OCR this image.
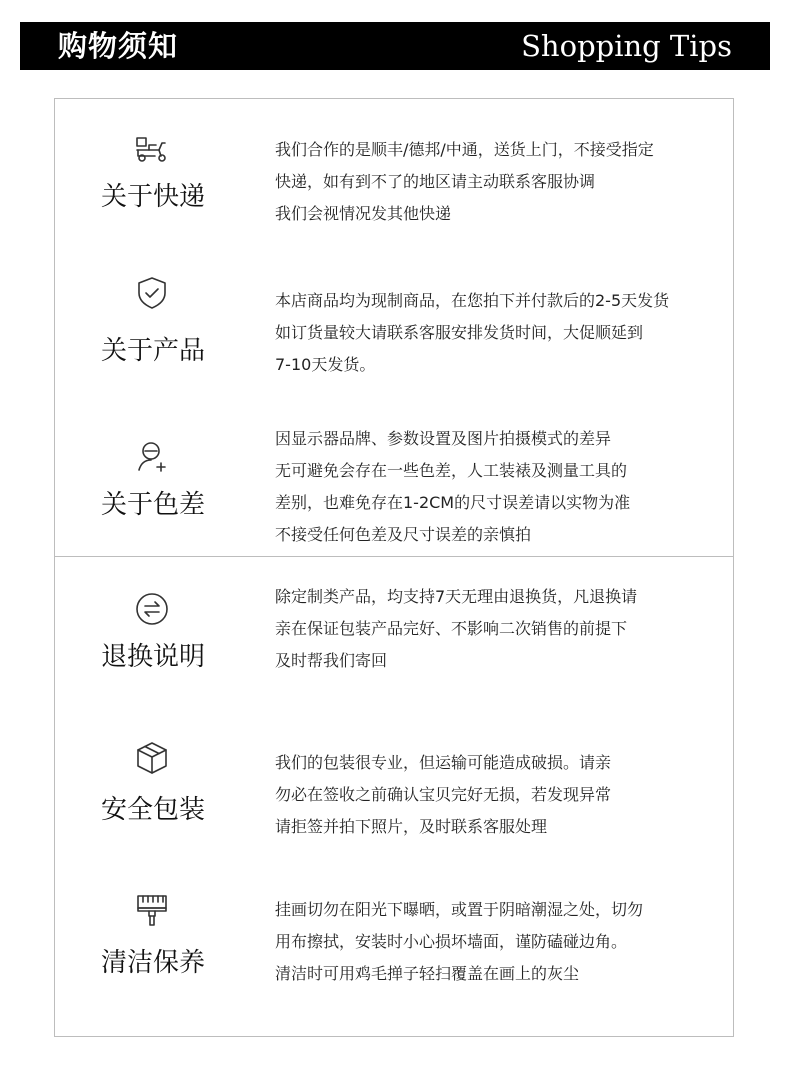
购物须知	Shopping Tips
关于快递
我们合作的是顺丰/德邦/中通，送货上门，不接受指定
快递，如有到不了的地区请主动联系客服协调
我们会视情况发其他快递
关于产品
本店商品均为现制商品，在您拍下并付款后的2-5天发货
如订货量较大请联系客服安排发货时间，大促顺延到
7-10天发货。
关于色差
因显示器品牌、参数设置及图片拍摄模式的差异
无可避免会存在一些色差，人工装裱及测量工具的
差别，也难免存在1-2CM的尺寸误差请以实物为准
不接受任何色差及尺寸误差的亲慎拍
退换说明
除定制类产品，均支持7天无理由退换货，凡退换请
亲在保证包装产品完好、不影响二次销售的前提下
及时帮我们寄回
安全包装
我们的包装很专业，但运输可能造成破损。请亲
勿必在签收之前确认宝贝完好无损，若发现异常
请拒签并拍下照片，及时联系客服处理
清洁保养
挂画切勿在阳光下曝晒，或置于阴暗潮湿之处，切勿
用布擦拭，安装时小心损坏墙面，谨防磕碰边角。
清洁时可用鸡毛掸子轻扫覆盖在画上的灰尘
